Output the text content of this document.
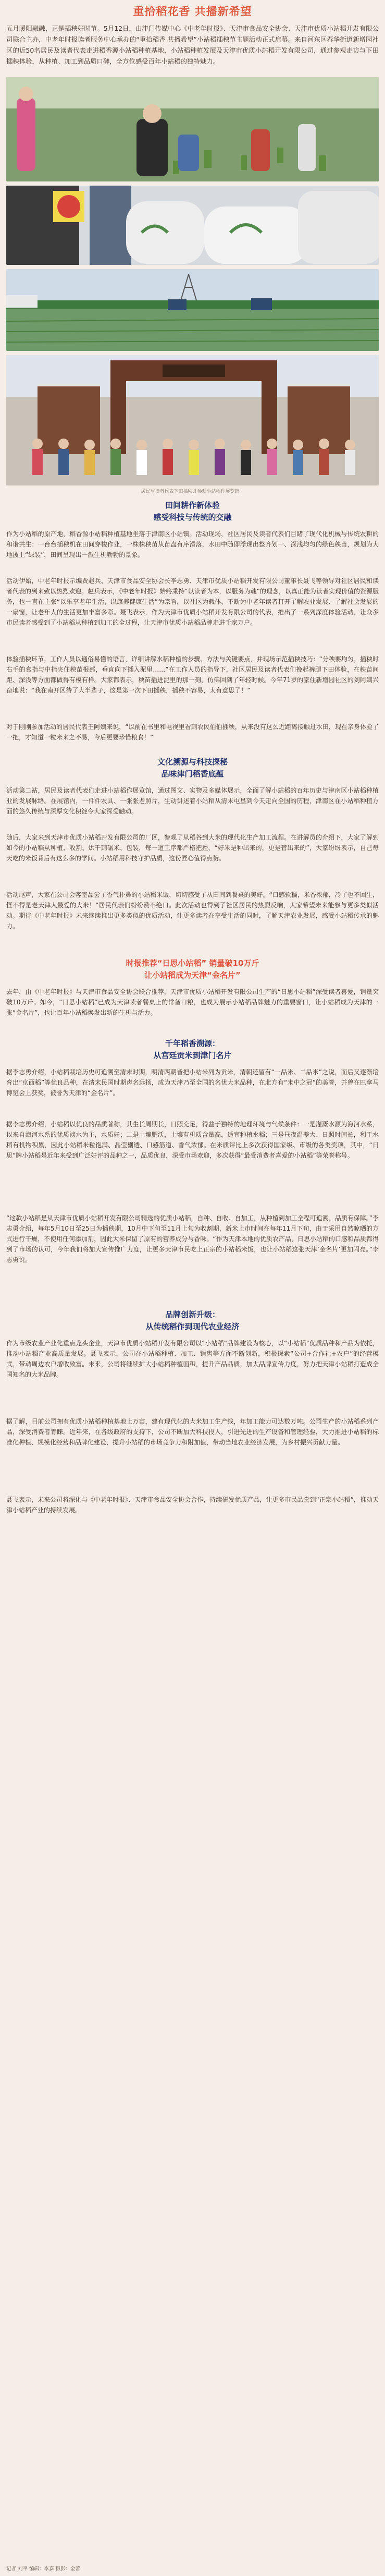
重拾稻花香 共播新希望

五月暖阳融融，正是插秧好时节。5月12日，由津门传媒中心《中老年时报》、天津市食品安全协会、天津市优质小站稻开发有限公司联合主办，中老年时报读者服务中心承办的“重拾稻香 共播希望”小站稻插秧节主题活动正式启幕。来自河东区春华街道新增园社区的近50名居民及读者代表走进稻香源小站稻种植基地，小站稻种植发展及天津市优质小站稻开发有限公司，通过参观走访与下田插秧体验，从种植、加工到品质口碑，全方位感受百年小站稻的独特魅力。

居民与读者代表下田插秧并参观小站稻作展览馆。
田间耕作新体验
感受科技与传统的交融

作为小站稻的原产地，稻香源小站稻种植基地坐落于津南区小站镇。活动现场，社区居民及读者代表们目睹了现代化机械与传统农耕的和谐共生：一台台插秧机在田间穿梭作业，一株株秧苗从苗盘有序滑落，水田中随即浮现出整齐划一、深浅均匀的绿色秧苗，规划为大地披上“绿装”，田间呈现出一派生机勃勃的景象。

活动伊始，中老年时报示编贾赵兵、天津市食品安全协会长李志勇、天津市优质小站稻开发有限公司董事长聂飞等领导对社区居民和读者代表的到来致以热烈欢迎。赵兵表示，《中老年时报》始终秉持“以读者为本，以服务为魂”的理念，以真正能为读者实现价值的资源服务，也一直在主张“以乐享老年生活，以康养健康生活”为宗旨，以社区为载体，不断为中老年读者打开了解农业发展、了解社会发展的一扇窗，让老年人的生活更加丰富多彩。聂飞表示，作为天津市优质小站稻开发有限公司的代表，推出了一系列深度体验活动，让众多市民读者感受到了小站稻从种植到加工的全过程，让天津市优质小站稻品牌走进千家万户。

体验插秧环节，工作人员以通俗易懂的语言，详细讲解水稻种植的步骤、方法与关键要点，并现场示范插秧技巧：“分秧要均匀，插秧时右手的食指与中指夹住秧苗根部，垂直向下插入泥里……”在工作人员的指导下，社区居民及读者代表们挽起裤腿下田体验，在秧苗间距、深浅等方面都做得有模有样。大家都表示，秧苗插进泥里的那一刻，仿佛回到了年轻时候。今年71岁的家住新增园社区的刘阿姨兴奋地说：“我在南开区待了大半辈子，这是第一次下田插秧，插秧不容易，太有意思了！”

对于刚刚参加活动的居民代表王阿姨来说，“以前在书里和电视里看到农民伯伯插秧，从来没有这么近距离接触过水田，现在亲身体验了一把，才知道一粒米来之不易，今后更要珍惜粮食！”

文化溯源与科技探秘
品味津门稻香底蕴

活动第二站，居民及读者代表们走进小站稻作展览馆，通过图文、实物及多媒体展示，全面了解小站稻的百年历史与津南区小站稻种植业的发展脉络。在展馆内，一件件农具、一张张老照片，生动讲述着小站稻从清末屯垦到今天走向全国的历程，津南区在小站稻种植方面的悠久传统与深厚文化积淀令大家深受触动。

随后，大家来到天津市优质小站稻开发有限公司的厂区，参观了从稻谷到大米的现代化生产加工流程。在讲解员的介绍下，大家了解到如今的小站稻从种植、收割、烘干到碾米、包装，每一道工序都严格把控，“好米是种出来的，更是管出来的”，大家纷纷表示，自己每天吃的米饭背后有这么多的学问。小站稻用科技守护品质，这份匠心值得点赞。

活动尾声，大家在公司会客室品尝了香气扑鼻的小站稻米饭，切切感受了从田间到餐桌的美好。“口感软糯，米香浓郁，冷了也不回生，怪不得是老天津人最爱的大米！”居民代表们纷纷赞不绝口。此次活动也得到了社区居民的热烈反响，大家希望未来能参与更多类似活动。期待《中老年时报》未来继续推出更多类似的优质活动，让更多读者在享受生活的同时，了解天津农业发展，感受小站稻传承的魅力。

时报推荐“日思小站稻” 销量破10万斤
让小站稻成为天津“金名片”

去年，由《中老年时报》与天津市食品安全协会联合推荐，天津市优质小站稻开发有限公司生产的“日思小站稻”深受读者喜爱，销量突破10万斤。如今，“日思小站稻”已成为天津读者餐桌上的常备口粮，也成为展示小站稻品牌魅力的重要窗口，让小站稻成为天津的一张“金名片”，也让百年小站稻焕发出新的生机与活力。

千年稻香溯源：
从宫廷贡米到津门名片

据李志勇介绍，小站稻栽培历史可追溯至清末时期，明清两朝皆把小站米列为贡米，清朝还留有“一品米、二品米”之说，而后又逐渐培育出“京西稻”等优良品种，在清末民国时期声名远扬，成为天津乃至全国的名优大米品种，在北方有“米中之冠”的美誉，并曾在巴拿马博览会上获奖，被誉为天津的“金名片”。

据李志勇介绍，小站稻以优良的品质著称，其生长周期长，日照充足，得益于独特的地理环境与气候条件：一是灌溉水源为海河水系，以来自海河水系的优质淡水为主，水质好；二是土壤肥沃，土壤有机质含量高，适宜种植水稻；三是昼夜温差大、日照时间长，利于水稻有机物积累，因此小站稻米粒饱满、晶莹剔透、口感筋道、香气浓郁。在米质评比上多次获得国家级、市级的各类奖项，其中，“日思”牌小站稻是近年来受到广泛好评的品种之一，品质优良，深受市场欢迎，多次获得“最受消费者喜爱的小站稻”等荣誉称号。

“这款小站稻是从天津市优质小站稻开发有限公司精选的优质小站稻，自种、自收、自加工，从种植到加工全程可追溯，品质有保障。”李志勇介绍，每年5月10日至25日为插秧期，10月中下旬至11月上旬为收割期，新米上市时间在每年11月下旬，由于采用自然晾晒的方式进行干燥，不使用任何添加剂，因此大米保留了原有的营养成分与香味。“作为天津本地的优质农产品，日思小站稻的口感和品质都得到了市场的认可，今年我们将加大宣传推广力度，让更多天津市民吃上正宗的小站稻米饭，也让小站稻这张天津‘金名片’更加闪亮。”李志勇说。

品牌创新升级：
从传统稻作到现代农业经济

作为市级农业产业化重点龙头企业，天津市优质小站稻开发有限公司以“小站稻”品牌建设为核心，以“小站稻”优质品种和产品为依托，推动小站稻产业高质量发展。聂飞表示，公司在小站稻种植、加工、销售等方面不断创新，积极探索“公司+合作社+农户”的经营模式，带动周边农户增收致富。未来，公司将继续扩大小站稻种植面积，提升产品品质，加大品牌宣传力度，努力把天津小站稻打造成全国知名的大米品牌。

据了解，目前公司拥有优质小站稻种植基地上万亩，建有现代化的大米加工生产线，年加工能力可达数万吨。公司生产的小站稻系列产品，深受消费者青睐。近年来，在各级政府的支持下，公司不断加大科技投入，引进先进的生产设备和管理经验，大力推进小站稻的标准化种植、规模化经营和品牌化建设，提升小站稻的市场竞争力和附加值，带动当地农业经济发展，为乡村振兴贡献力量。

聂飞表示，未来公司将深化与《中老年时报》、天津市食品安全协会合作，持续研发优质产品，让更多市民品尝到“正宗小站稻”，推动天津小站稻产业的持续发展。

记者 刘平 编辑：李嘉 摄影：金蕾
